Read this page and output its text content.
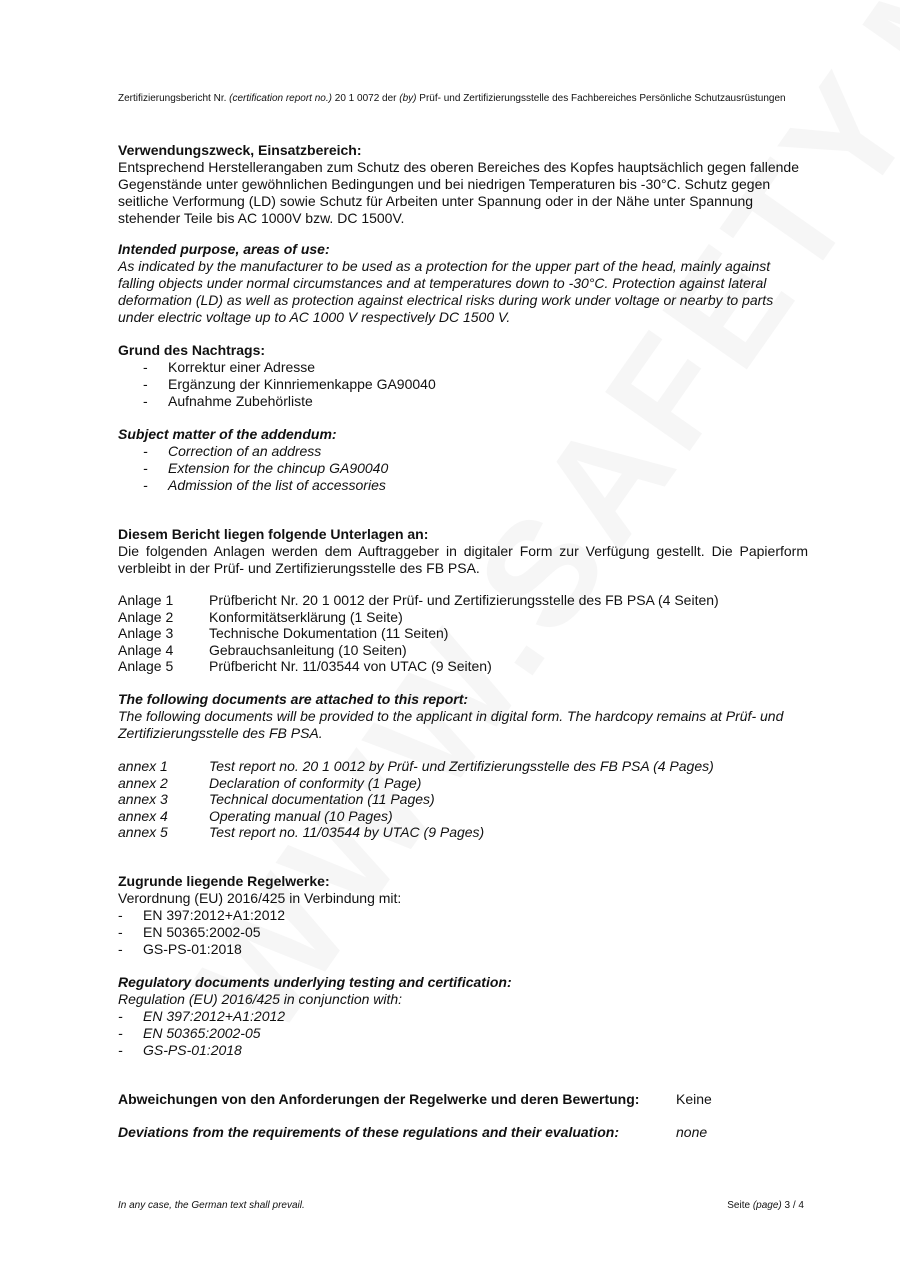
Zertifizierungsbericht Nr. (certification report no.) 20 1 0072 der (by) Prüf- und Zertifizierungsstelle des Fachbereiches Persönliche Schutzausrüstungen
Verwendungszweck, Einsatzbereich:
Entsprechend Herstellerangaben zum Schutz des oberen Bereiches des Kopfes hauptsächlich gegen fallende Gegenstände unter gewöhnlichen Bedingungen und bei niedrigen Temperaturen bis -30°C. Schutz gegen seitliche Verformung (LD) sowie Schutz für Arbeiten unter Spannung oder in der Nähe unter Spannung stehender Teile bis AC 1000V bzw. DC 1500V.
Intended purpose, areas of use:
As indicated by the manufacturer to be used as a protection for the upper part of the head, mainly against falling objects under normal circumstances and at temperatures down to -30°C. Protection against lateral deformation (LD) as well as protection against electrical risks during work under voltage or nearby to parts under electric voltage up to AC 1000 V respectively DC 1500 V.
Grund des Nachtrags:
- Korrektur einer Adresse
- Ergänzung der Kinnriemenkappe GA90040
- Aufnahme Zubehörliste
Subject matter of the addendum:
- Correction of an address
- Extension for the chincup GA90040
- Admission of the list of accessories
Diesem Bericht liegen folgende Unterlagen an:
Die folgenden Anlagen werden dem Auftraggeber in digitaler Form zur Verfügung gestellt. Die Papierform verbleibt in der Prüf- und Zertifizierungsstelle des FB PSA.
Anlage 1	Prüfbericht Nr. 20 1 0012 der Prüf- und Zertifizierungsstelle des FB PSA (4 Seiten)
Anlage 2	Konformitätserklärung (1 Seite)
Anlage 3	Technische Dokumentation (11 Seiten)
Anlage 4	Gebrauchsanleitung (10 Seiten)
Anlage 5	Prüfbericht Nr. 11/03544 von UTAC (9 Seiten)
The following documents are attached to this report:
The following documents will be provided to the applicant in digital form. The hardcopy remains at Prüf- und Zertifizierungsstelle des FB PSA.
annex 1	Test report no. 20 1 0012 by Prüf- und Zertifizierungsstelle des FB PSA (4 Pages)
annex 2	Declaration of conformity (1 Page)
annex 3	Technical documentation (11 Pages)
annex 4	Operating manual (10 Pages)
annex 5	Test report no. 11/03544 by UTAC (9 Pages)
Zugrunde liegende Regelwerke:
Verordnung (EU) 2016/425 in Verbindung mit:
- EN 397:2012+A1:2012
- EN 50365:2002-05
- GS-PS-01:2018
Regulatory documents underlying testing and certification:
Regulation (EU) 2016/425 in conjunction with:
- EN 397:2012+A1:2012
- EN 50365:2002-05
- GS-PS-01:2018
Abweichungen von den Anforderungen der Regelwerke und deren Bewertung:	Keine
Deviations from the requirements of these regulations and their evaluation:	none
In any case, the German text shall prevail.	Seite (page) 3 / 4
